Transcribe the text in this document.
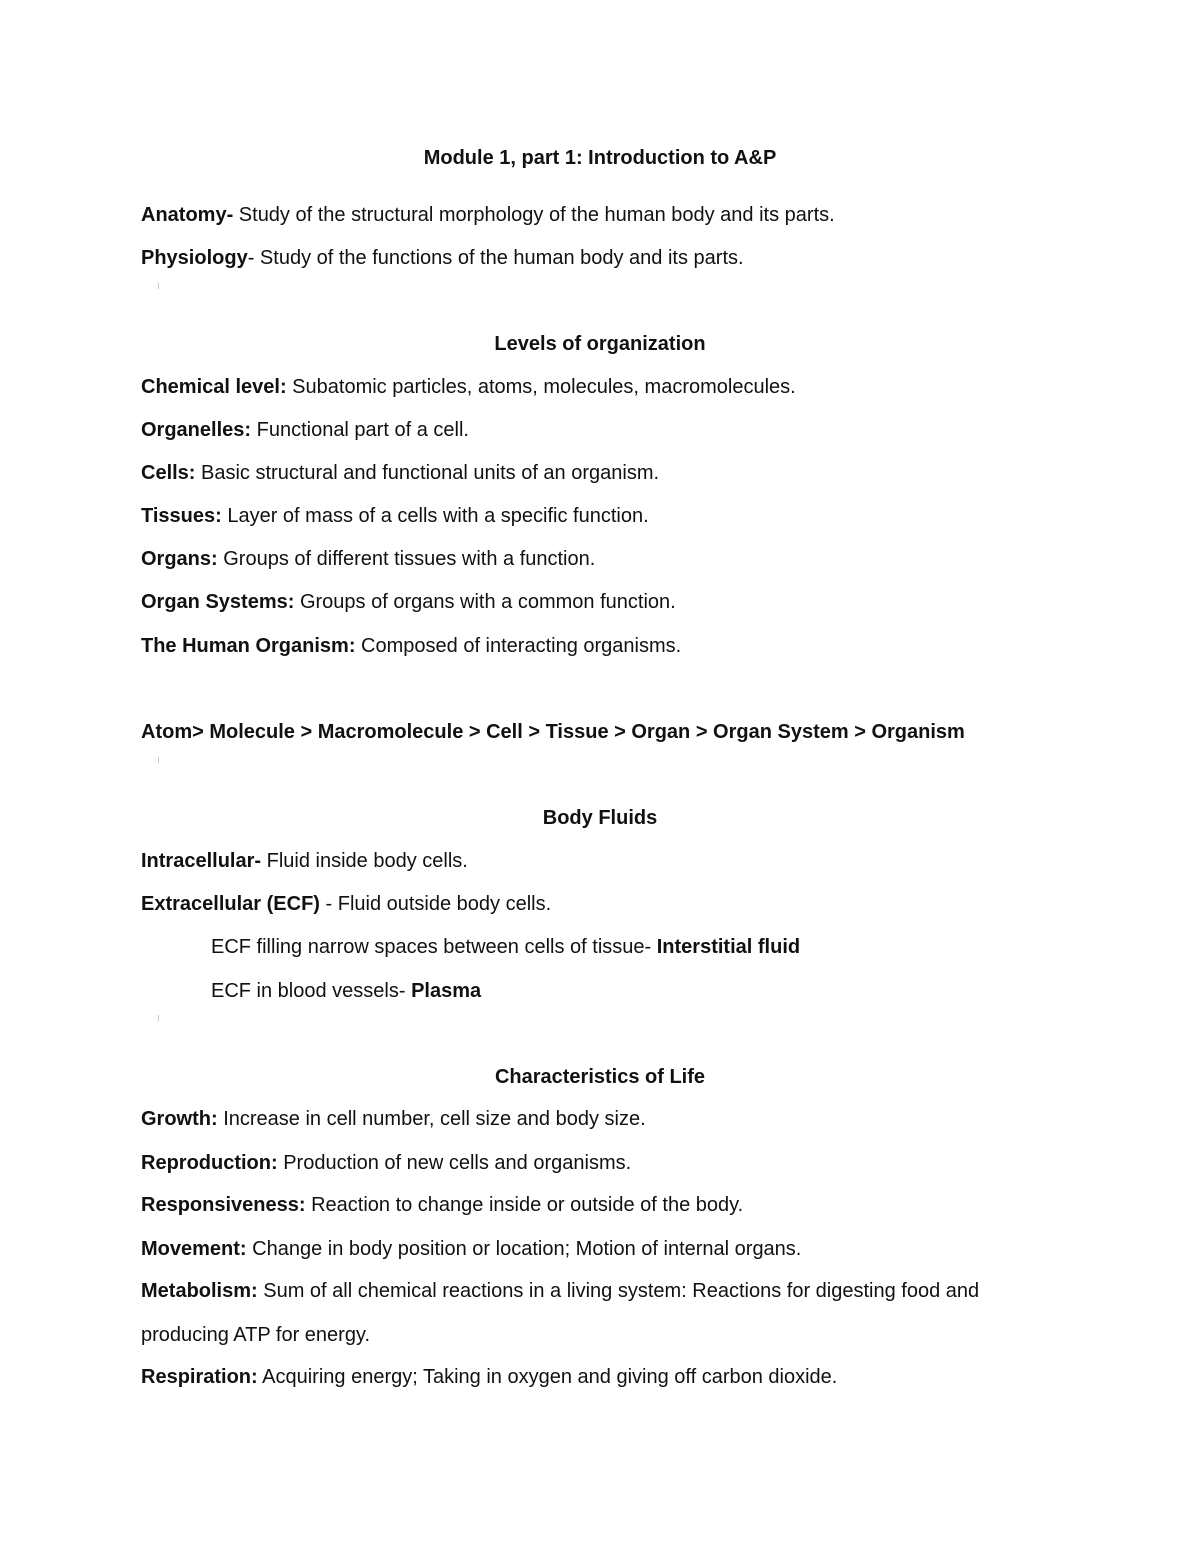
Module 1, part 1: Introduction to A&P
Anatomy- Study of the structural morphology of the human body and its parts.
Physiology- Study of the functions of the human body and its parts.
Levels of organization
Chemical level: Subatomic particles, atoms, molecules, macromolecules.
Organelles: Functional part of a cell.
Cells: Basic structural and functional units of an organism.
Tissues: Layer of mass of a cells with a specific function.
Organs: Groups of different tissues with a function.
Organ Systems: Groups of organs with a common function.
The Human Organism: Composed of interacting organisms.
Atom> Molecule > Macromolecule > Cell > Tissue > Organ > Organ System > Organism
Body Fluids
Intracellular- Fluid inside body cells.
Extracellular (ECF) - Fluid outside body cells.
ECF filling narrow spaces between cells of tissue- Interstitial fluid
ECF in blood vessels- Plasma
Characteristics of Life
Growth: Increase in cell number, cell size and body size.
Reproduction: Production of new cells and organisms.
Responsiveness: Reaction to change inside or outside of the body.
Movement: Change in body position or location; Motion of internal organs.
Metabolism: Sum of all chemical reactions in a living system: Reactions for digesting food and
producing ATP for energy.
Respiration: Acquiring energy; Taking in oxygen and giving off carbon dioxide.
